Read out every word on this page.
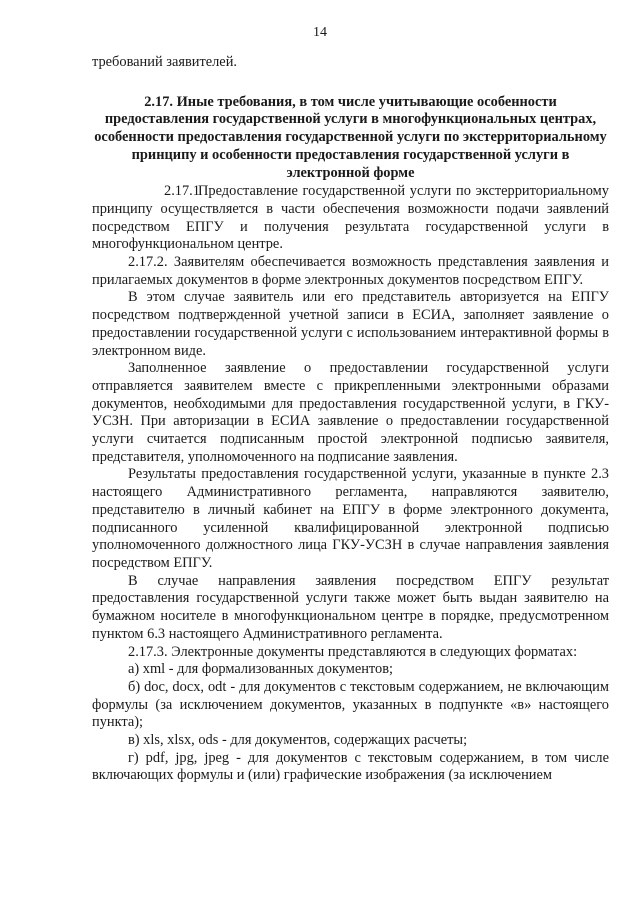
14

требований заявителей.

2.17. Иные требования, в том числе учитывающие особенности предоставления государственной услуги в многофункциональных центрах, особенности предоставления государственной услуги по экстерриториальному принципу и особенности предоставления государственной услуги в электронной форме

2.17.1Предоставление государственной услуги по экстерриториальному принципу осуществляется в части обеспечения возможности подачи заявлений посредством ЕПГУ и получения результата государственной услуги в многофункциональном центре.

2.17.2. Заявителям обеспечивается возможность представления заявления и прилагаемых документов в форме электронных документов посредством ЕПГУ.

В этом случае заявитель или его представитель авторизуется на ЕПГУ посредством подтвержденной учетной записи в ЕСИА, заполняет заявление о предоставлении государственной услуги с использованием интерактивной формы в электронном виде.

Заполненное заявление о предоставлении государственной услуги отправляется заявителем вместе с прикрепленными электронными образами документов, необходимыми для предоставления государственной услуги, в ГКУ-УСЗН. При авторизации в ЕСИА заявление о предоставлении государственной услуги считается подписанным простой электронной подписью заявителя, представителя, уполномоченного на подписание заявления.

Результаты предоставления государственной услуги, указанные в пункте 2.3 настоящего Административного регламента, направляются заявителю, представителю в личный кабинет на ЕПГУ в форме электронного документа, подписанного усиленной квалифицированной электронной подписью уполномоченного должностного лица ГКУ-УСЗН в случае направления заявления посредством ЕПГУ.

В случае направления заявления посредством ЕПГУ результат предоставления государственной услуги также может быть выдан заявителю на бумажном носителе в многофункциональном центре в порядке, предусмотренном пунктом 6.3 настоящего Административного регламента.

2.17.3. Электронные документы представляются в следующих форматах:

а) xml - для формализованных документов;

б) doc, docx, odt - для документов с текстовым содержанием, не включающим формулы (за исключением документов, указанных в подпункте «в» настоящего пункта);

в) xls, xlsx, ods - для документов, содержащих расчеты;

г) pdf, jpg, jpeg - для документов с текстовым содержанием, в том числе включающих формулы и (или) графические изображения (за исключением
